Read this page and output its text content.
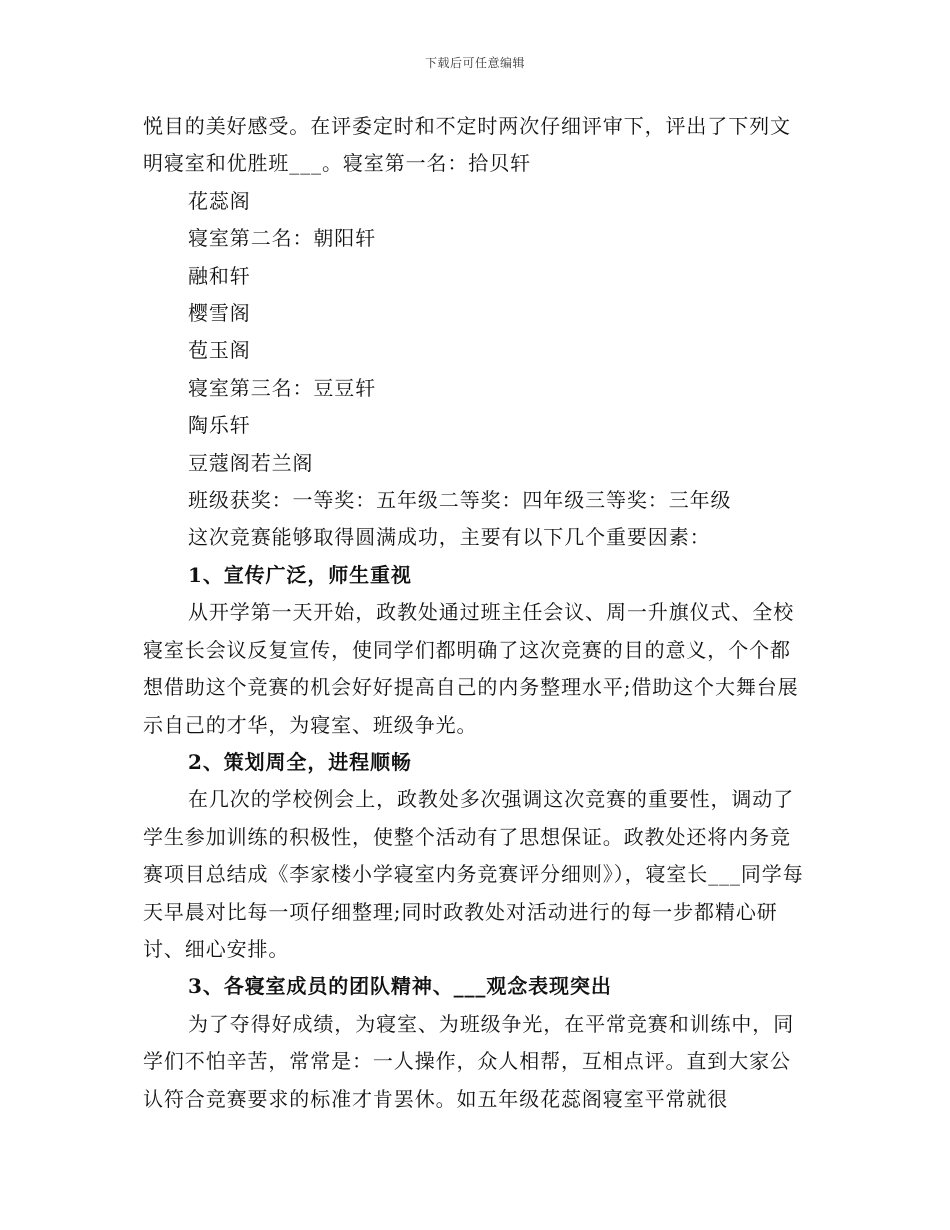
下载后可任意编辑

悦目的美好感受。在评委定时和不定时两次仔细评审下，评出了下列文明寝室和优胜班___。寝室第一名：拾贝轩

花蕊阁

寝室第二名：朝阳轩

融和轩

樱雪阁

苞玉阁

寝室第三名：豆豆轩

陶乐轩

豆蔻阁若兰阁

班级获奖：一等奖：五年级二等奖：四年级三等奖：三年级

这次竞赛能够取得圆满成功，主要有以下几个重要因素：

1、宣传广泛，师生重视

从开学第一天开始，政教处通过班主任会议、周一升旗仪式、全校寝室长会议反复宣传，使同学们都明确了这次竞赛的目的意义，个个都想借助这个竞赛的机会好好提高自己的内务整理水平;借助这个大舞台展示自己的才华，为寝室、班级争光。

2、策划周全，进程顺畅

在几次的学校例会上，政教处多次强调这次竞赛的重要性，调动了学生参加训练的积极性，使整个活动有了思想保证。政教处还将内务竞赛项目总结成《李家楼小学寝室内务竞赛评分细则》），寝室长___同学每天早晨对比每一项仔细整理;同时政教处对活动进行的每一步都精心研讨、细心安排。

3、各寝室成员的团队精神、___观念表现突出

为了夺得好成绩，为寝室、为班级争光，在平常竞赛和训练中，同学们不怕辛苦，常常是：一人操作，众人相帮，互相点评。直到大家公认符合竞赛要求的标准才肯罢休。如五年级花蕊阁寝室平常就很
